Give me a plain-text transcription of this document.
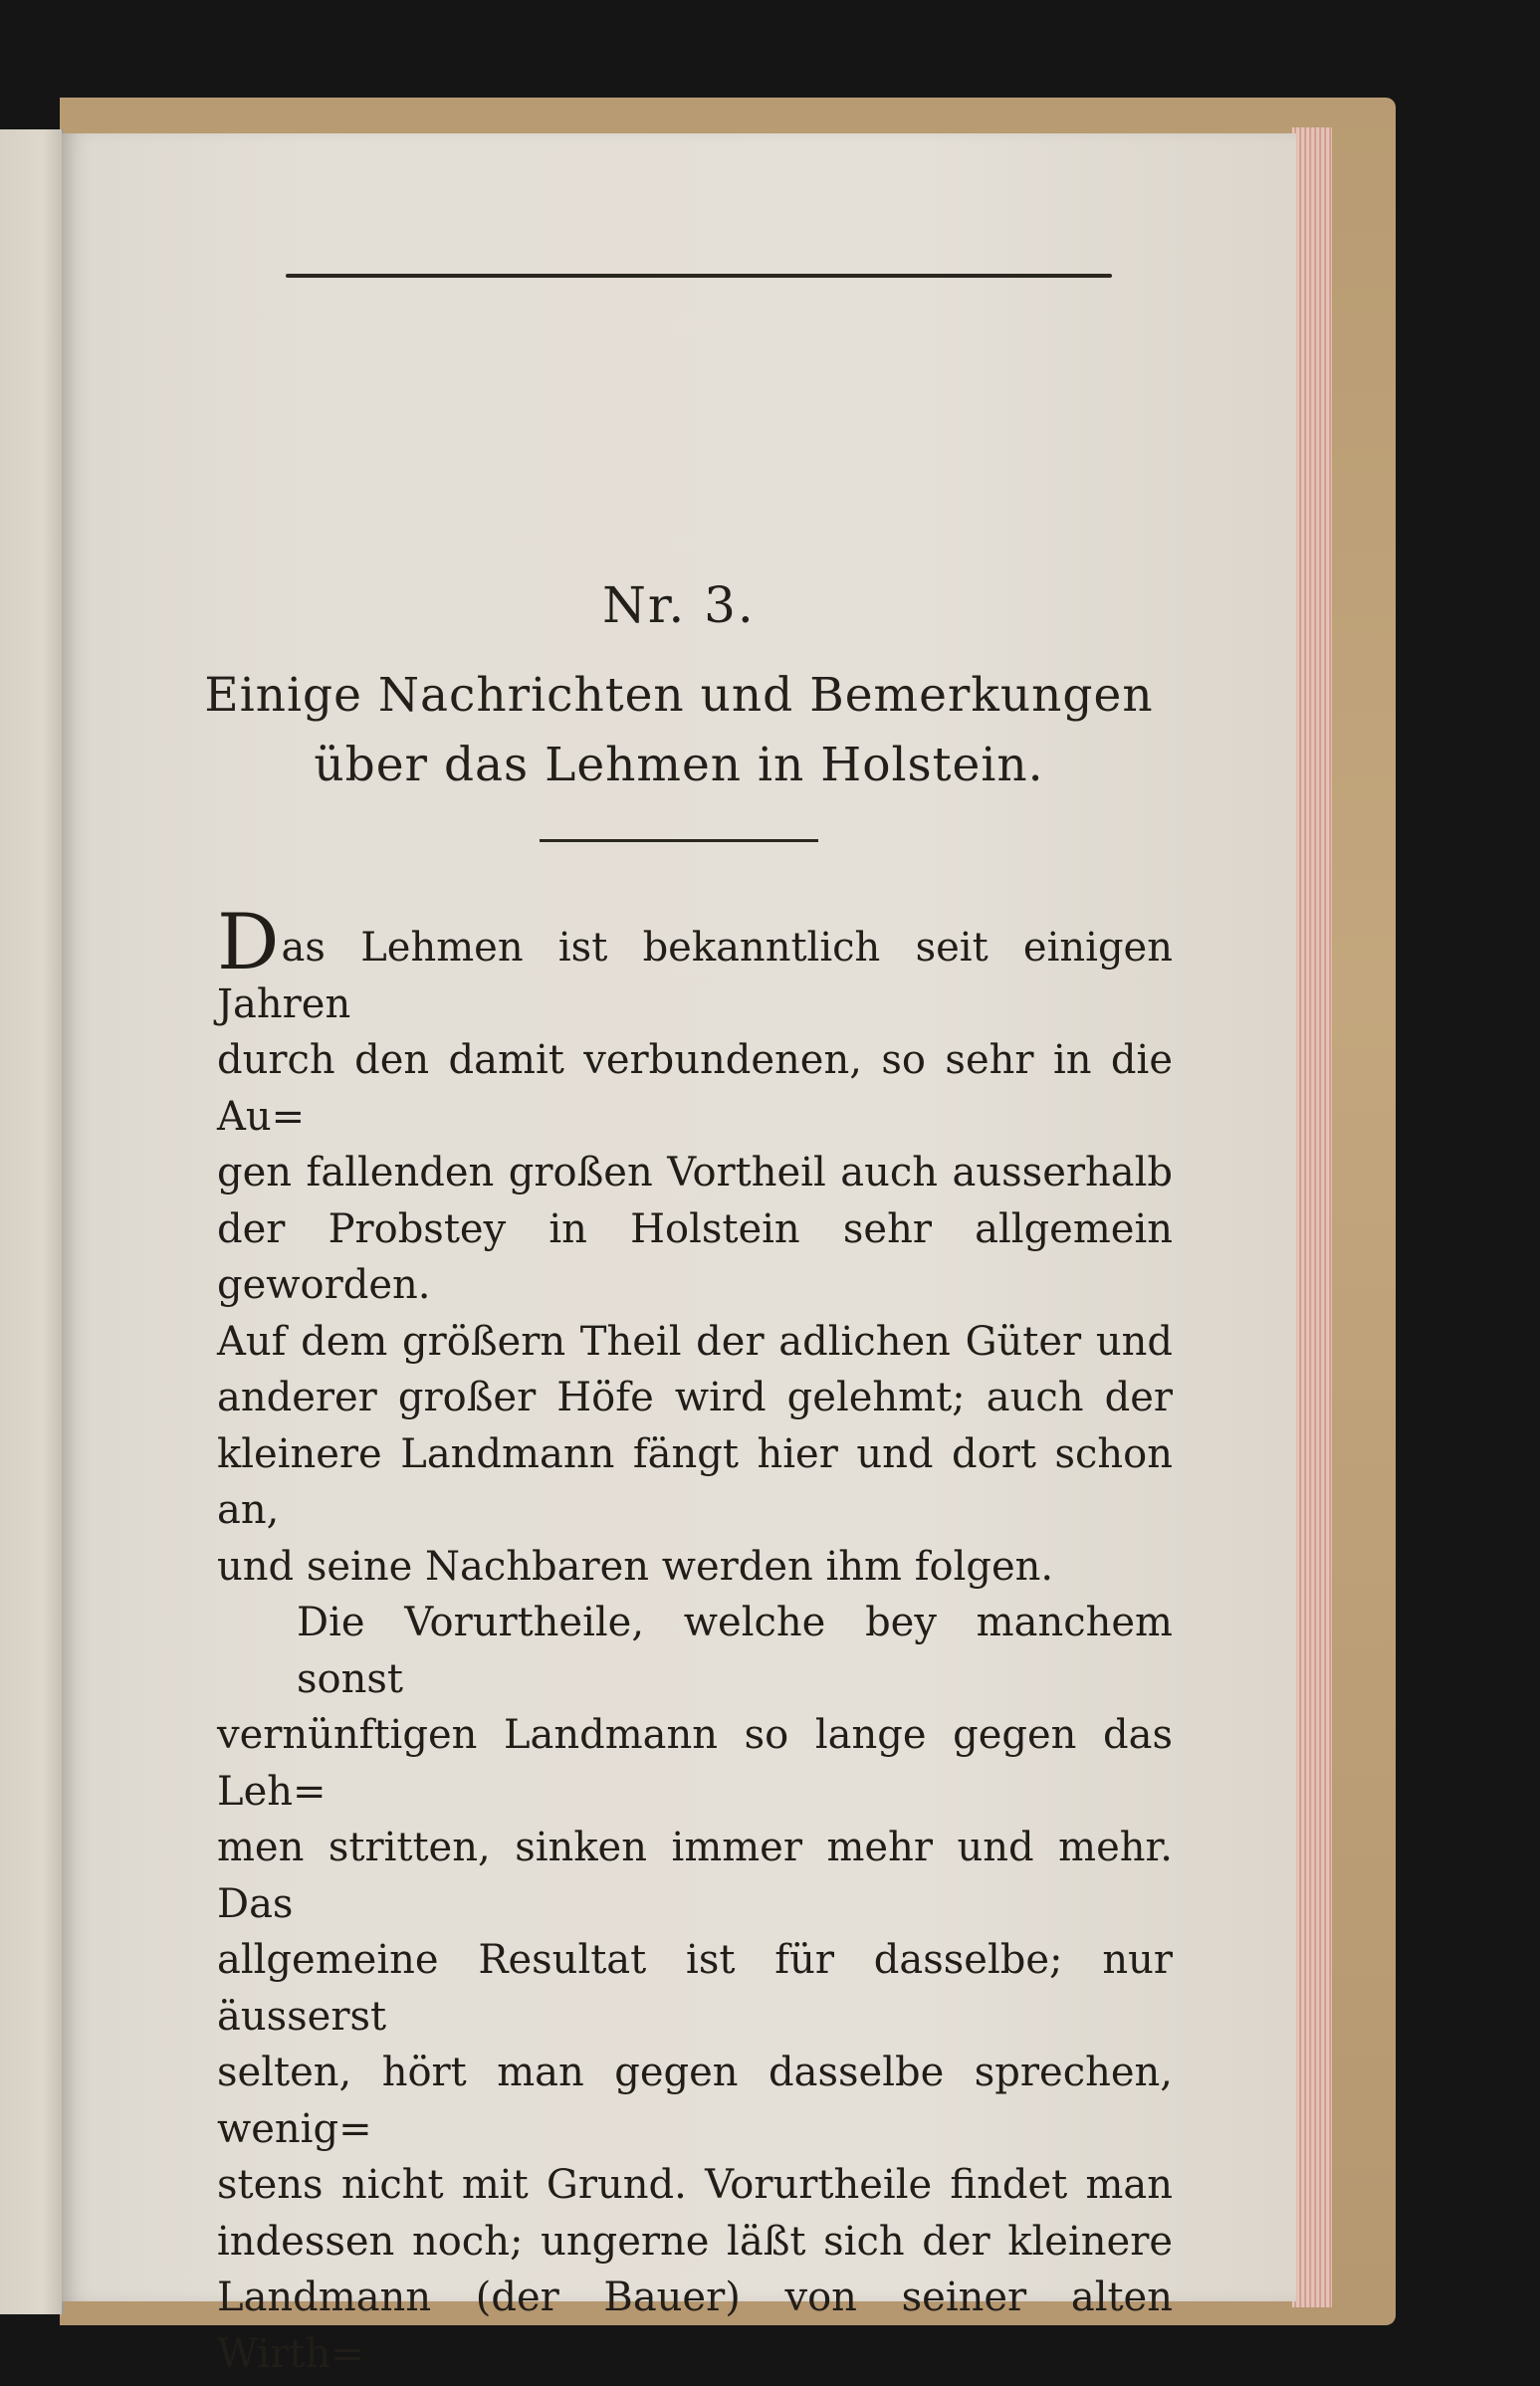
Nr. 3.
Einige Nachrichten und Bemerkungen
über das Lehmen in Holstein.

Das Lehmen ist bekanntlich seit einigen Jahren
durch den damit verbundenen, so sehr in die Au=
gen fallenden großen Vortheil auch ausserhalb
der Probstey in Holstein sehr allgemein geworden.
Auf dem größern Theil der adlichen Güter und
anderer großer Höfe wird gelehmt; auch der
kleinere Landmann fängt hier und dort schon an,
und seine Nachbaren werden ihm folgen.

Die Vorurtheile, welche bey manchem sonst
vernünftigen Landmann so lange gegen das Leh=
men stritten, sinken immer mehr und mehr. Das
allgemeine Resultat ist für dasselbe; nur äusserst
selten, hört man gegen dasselbe sprechen, wenig=
stens nicht mit Grund. Vorurtheile findet man
indessen noch; ungerne läßt sich der kleinere
Landmann (der Bauer) von seiner alten Wirth=
